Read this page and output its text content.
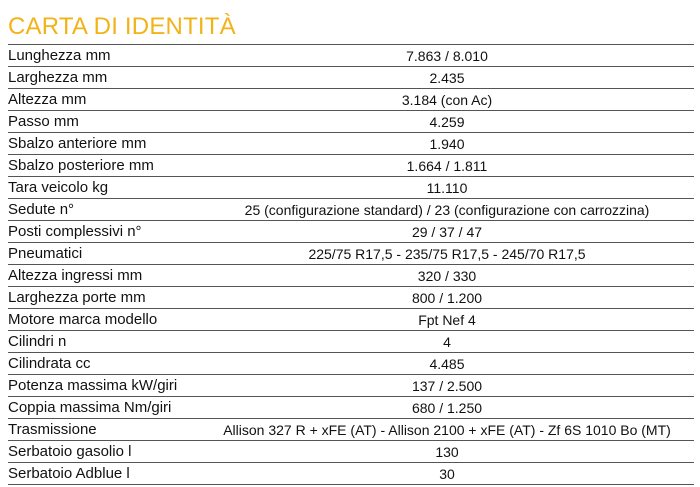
CARTA DI IDENTITÀ
Lunghezza mm	7.863 / 8.010
Larghezza mm	2.435
Altezza mm	3.184 (con Ac)
Passo mm	4.259
Sbalzo anteriore mm	1.940
Sbalzo posteriore mm	1.664 / 1.811
Tara veicolo kg	11.110
Sedute n°	25 (configurazione standard) / 23 (configurazione con carrozzina)
Posti complessivi n°	29 / 37 / 47
Pneumatici	225/75 R17,5 - 235/75 R17,5 - 245/70 R17,5
Altezza ingressi mm	320 / 330
Larghezza porte mm	800 / 1.200
Motore marca modello	Fpt Nef 4
Cilindri n	4
Cilindrata cc	4.485
Potenza massima kW/giri	137 / 2.500
Coppia massima Nm/giri	680 / 1.250
Trasmissione	Allison 327 R + xFE (AT) - Allison 2100 + xFE (AT) - Zf 6S 1010 Bo (MT)
Serbatoio gasolio l	130
Serbatoio Adblue l	30
